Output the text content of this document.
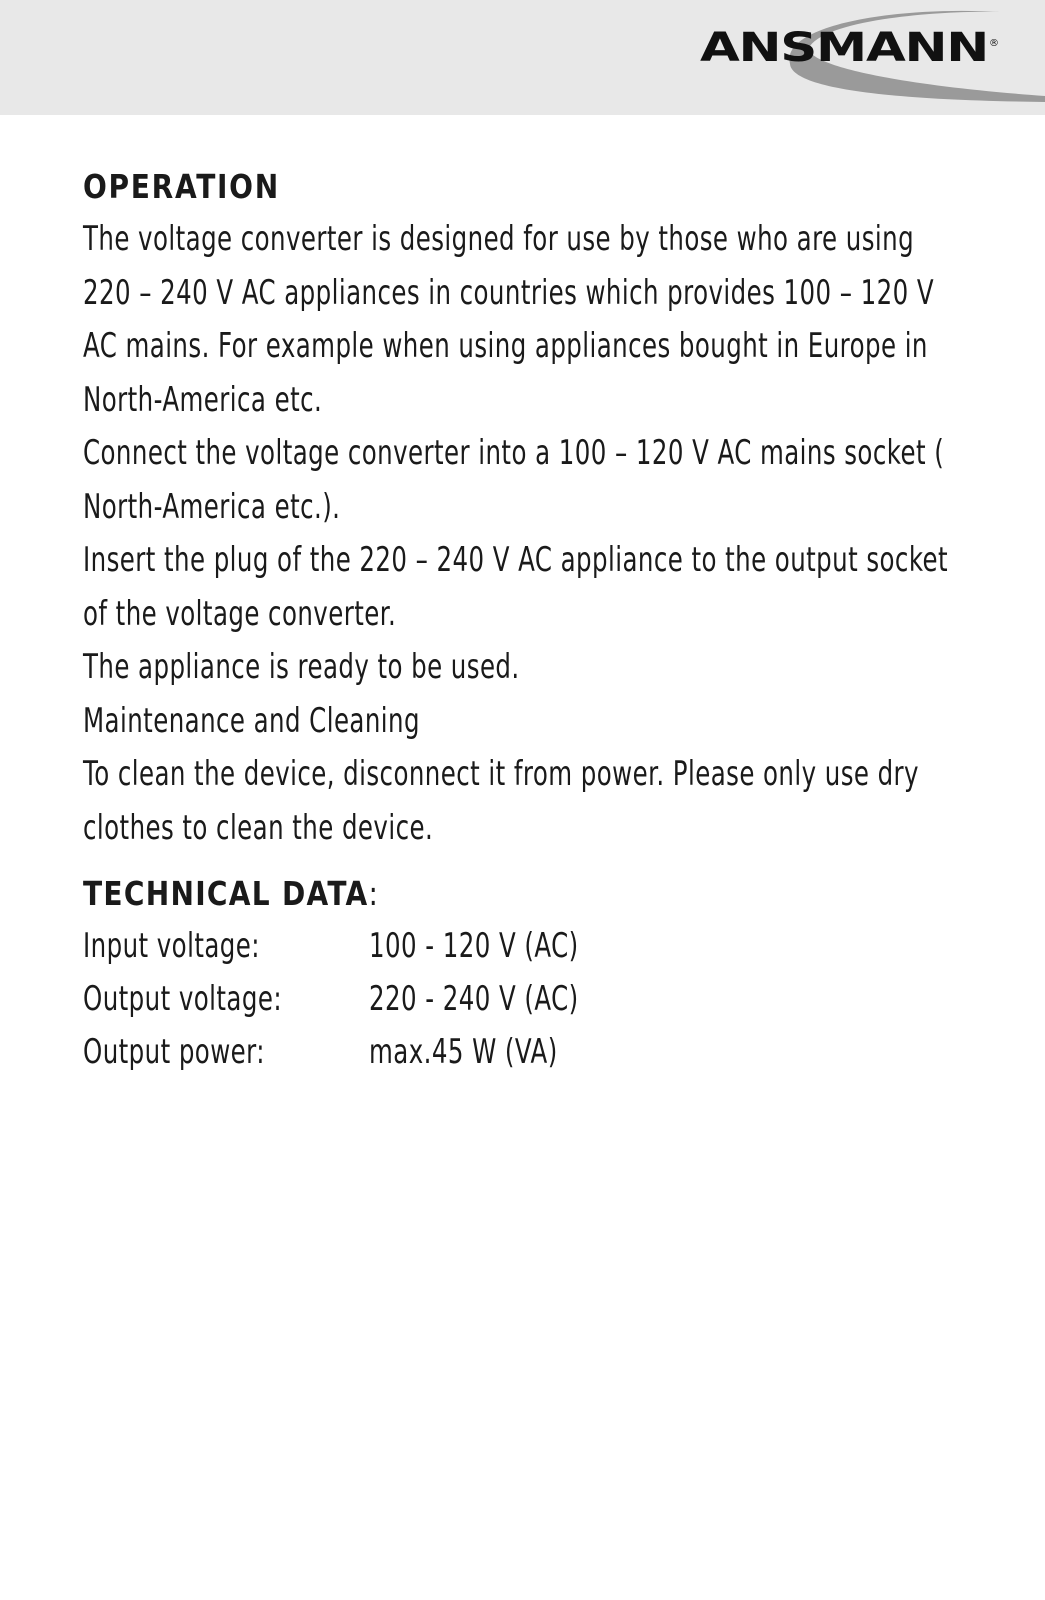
ANSMANN ®
OPERATION
The voltage converter is designed for use by those who are using
220 – 240 V AC appliances in countries which provides 100 – 120 V
AC mains. For example when using appliances bought in Europe in
North-America etc.
Connect the voltage converter into a 100 – 120 V AC mains socket (
North-America etc.).
Insert the plug of the 220 – 240 V AC appliance to the output socket
of the voltage converter.
The appliance is ready to be used.
Maintenance and Cleaning
To clean the device, disconnect it from power. Please only use dry
clothes to clean the device.
TECHNICAL DATA:
Input voltage:	100 - 120 V (AC)
Output voltage:	220 - 240 V (AC)
Output power:	max.45 W (VA)
